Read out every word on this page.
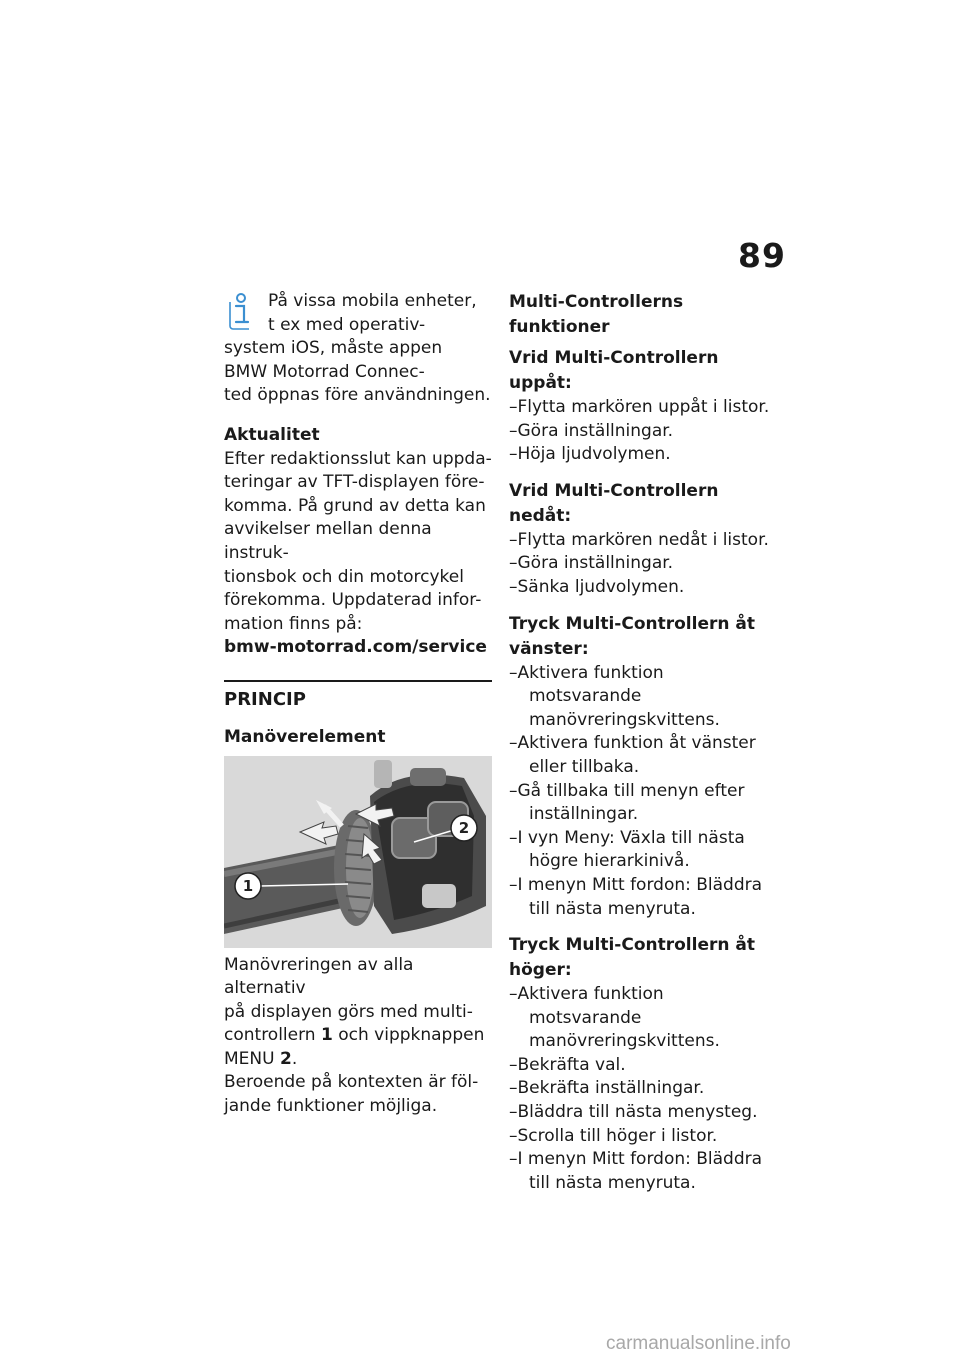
89

På vissa mobila enheter,

t ex med operativ-

system iOS, måste appen

BMW Motorrad Connec-

ted öppnas före användningen.

Aktualitet

Efter redaktionsslut kan uppda-

teringar av TFT-displayen före-

komma. På grund av detta kan

avvikelser mellan denna instruk-

tionsbok och din motorcykel

förekomma. Uppdaterad infor-

mation finns på:

bmw-motorrad.com/service

PRINCIP

Manöverelement

1
2

Manövreringen av alla alternativ

på displayen görs med multi-

controllern 1 och vippknappen

MENU 2.

Beroende på kontexten är föl-

jande funktioner möjliga.

Multi-Controllerns funktioner

Vrid Multi-Controllern uppåt:

–Flytta markören uppåt i listor.
–Göra inställningar.
–Höja ljudvolymen.

Vrid Multi-Controllern nedåt:

–Flytta markören nedåt i listor.
–Göra inställningar.
–Sänka ljudvolymen.

Tryck Multi-Controllern åt

vänster:

–Aktivera funktion motsvarande manövreringskvittens.
–Aktivera funktion åt vänster eller tillbaka.
–Gå tillbaka till menyn efter inställningar.
–I vyn Meny: Växla till nästa högre hierarkinivå.
–I menyn Mitt fordon: Bläddra till nästa menyruta.

Tryck Multi-Controllern åt

höger:

–Aktivera funktion motsvarande manövreringskvittens.
–Bekräfta val.
–Bekräfta inställningar.
–Bläddra till nästa menysteg.
–Scrolla till höger i listor.
–I menyn Mitt fordon: Bläddra till nästa menyruta.
carmanualsonline.info
